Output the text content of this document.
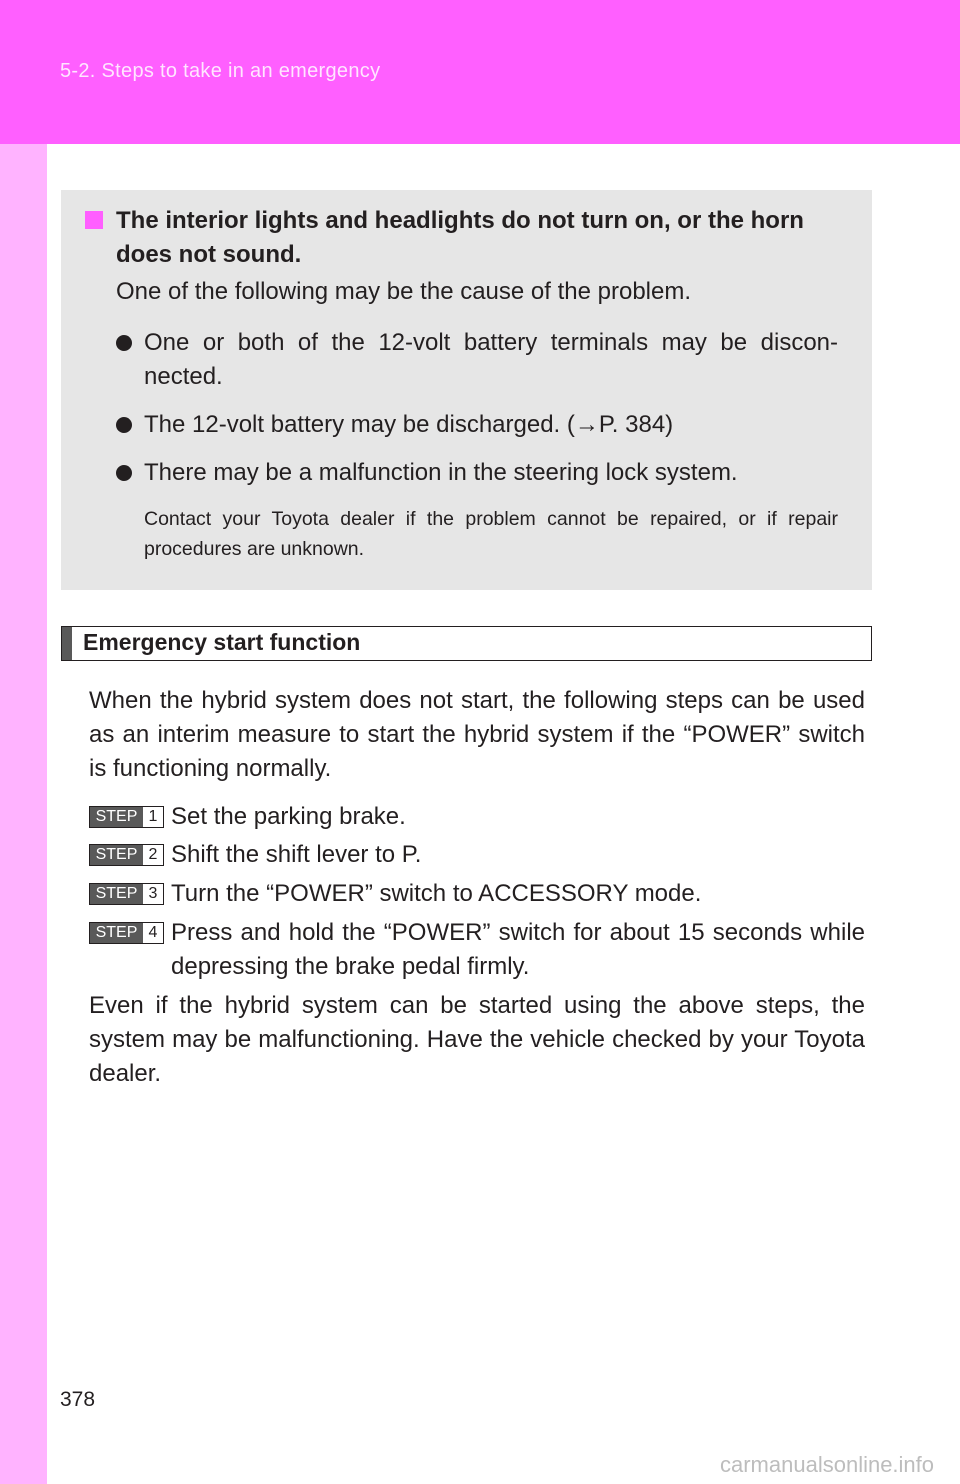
5-2. Steps to take in an emergency
The interior lights and headlights do not turn on, or the horn does not sound.
One of the following may be the cause of the problem.
One or both of the 12-volt battery terminals may be discon-nected.
The 12-volt battery may be discharged. (→P. 384)
There may be a malfunction in the steering lock system.
Contact your Toyota dealer if the problem cannot be repaired, or if repair procedures are unknown.
Emergency start function
When the hybrid system does not start, the following steps can be used as an interim measure to start the hybrid system if the “POWER” switch is functioning normally.
STEP 1 Set the parking brake.
STEP 2 Shift the shift lever to P.
STEP 3 Turn the “POWER” switch to ACCESSORY mode.
STEP 4 Press and hold the “POWER” switch for about 15 seconds while depressing the brake pedal firmly.
Even if the hybrid system can be started using the above steps, the system may be malfunctioning. Have the vehicle checked by your Toyota dealer.
378
carmanualsonline.info
